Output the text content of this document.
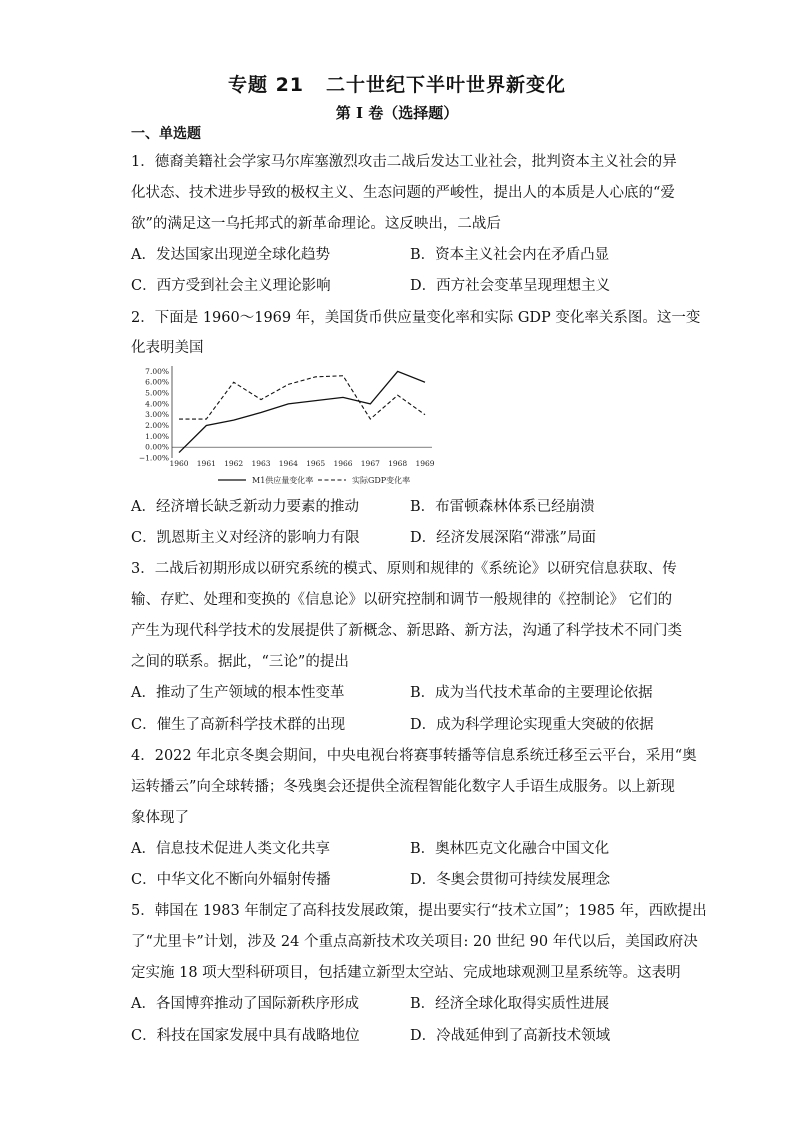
专题 21 二十世纪下半叶世界新变化
第 I 卷（选择题）
一、单选题
1．德裔美籍社会学家马尔库塞激烈攻击二战后发达工业社会，批判资本主义社会的异
化状态、技术进步导致的极权主义、生态问题的严峻性，提出人的本质是人心底的“爱
欲”的满足这一乌托邦式的新革命理论。这反映出，二战后
A．发达国家出现逆全球化趋势	B．资本主义社会内在矛盾凸显
C．西方受到社会主义理论影响	D．西方社会变革呈现理想主义
2．下面是 1960～1969 年，美国货币供应量变化率和实际 GDP 变化率关系图。这一变
化表明美国
7.00%
6.00%
5.00%
4.00%
3.00%
2.00%
1.00%
0.00%
−1.00%
1960 1961 1962 1963 1964 1965 1966 1967 1968 1969
M1供应量变化率	实际GDP变化率
A．经济增长缺乏新动力要素的推动	B．布雷顿森林体系已经崩溃
C．凯恩斯主义对经济的影响力有限	D．经济发展深陷“滞涨”局面
3．二战后初期形成以研究系统的模式、原则和规律的《系统论》以研究信息获取、传
输、存贮、处理和变换的《信息论》以研究控制和调节一般规律的《控制论》 它们的
产生为现代科学技术的发展提供了新概念、新思路、新方法，沟通了科学技术不同门类
之间的联系。据此，“三论”的提出
A．推动了生产领域的根本性变革	B．成为当代技术革命的主要理论依据
C．催生了高新科学技术群的出现	D．成为科学理论实现重大突破的依据
4．2022 年北京冬奥会期间，中央电视台将赛事转播等信息系统迁移至云平台，采用“奥
运转播云”向全球转播；冬残奥会还提供全流程智能化数字人手语生成服务。以上新现
象体现了
A．信息技术促进人类文化共享	B．奥林匹克文化融合中国文化
C．中华文化不断向外辐射传播	D．冬奥会贯彻可持续发展理念
5．韩国在 1983 年制定了高科技发展政策，提出要实行“技术立国”；1985 年，西欧提出
了“尤里卡”计划，涉及 24 个重点高新技术攻关项目: 20 世纪 90 年代以后，美国政府决
定实施 18 项大型科研项目，包括建立新型太空站、完成地球观测卫星系统等。这表明
A．各国博弈推动了国际新秩序形成	B．经济全球化取得实质性进展
C．科技在国家发展中具有战略地位	D．冷战延伸到了高新技术领域
